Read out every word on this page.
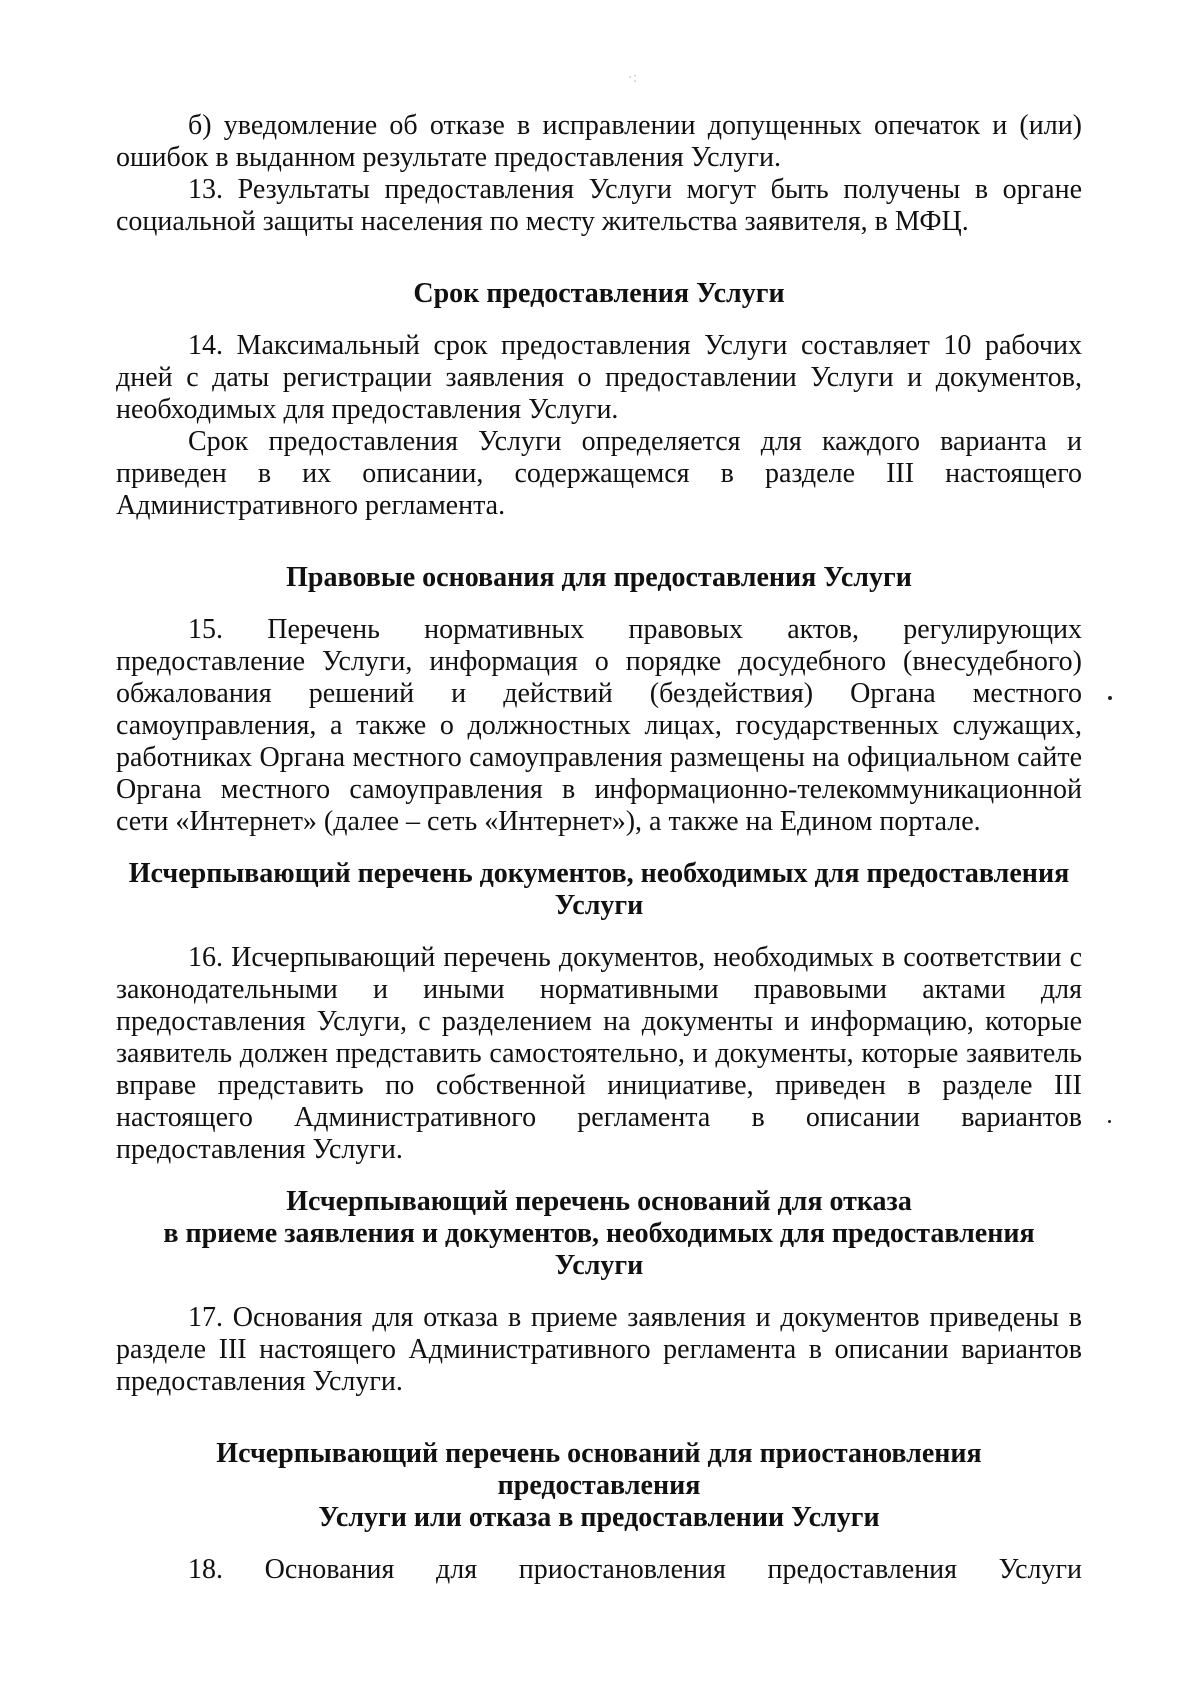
·:

б) уведомление об отказе в исправлении допущенных опечаток и (или) ошибок в выданном результате предоставления Услуги.

13. Результаты предоставления Услуги могут быть получены в органе социальной защиты населения по месту жительства заявителя, в МФЦ.

Срок предоставления Услуги

14. Максимальный срок предоставления Услуги составляет 10 рабочих дней с даты регистрации заявления о предоставлении Услуги и документов, необходимых для предоставления Услуги.

Срок предоставления Услуги определяется для каждого варианта и приведен в их описании, содержащемся в разделе III настоящего Административного регламента.

Правовые основания для предоставления Услуги

15. Перечень нормативных правовых актов, регулирующих предоставление Услуги, информация о порядке досудебного (внесудебного) обжалования решений и действий (бездействия) Органа местного самоуправления, а также о должностных лицах, государственных служащих, работниках Органа местного самоуправления размещены на официальном сайте Органа местного самоуправления в информационно-телекоммуникационной сети «Интернет» (далее – сеть «Интернет»), а также на Едином портале.

Исчерпывающий перечень документов, необходимых для предоставления
Услуги

16. Исчерпывающий перечень документов, необходимых в соответствии с законодательными и иными нормативными правовыми актами для предоставления Услуги, с разделением на документы и информацию, которые заявитель должен представить самостоятельно, и документы, которые заявитель вправе представить по собственной инициативе, приведен в разделе III настоящего Административного регламента в описании вариантов предоставления Услуги.

Исчерпывающий перечень оснований для отказа
в приеме заявления и документов, необходимых для предоставления Услуги

17. Основания для отказа в приеме заявления и документов приведены в разделе III настоящего Административного регламента в описании вариантов предоставления Услуги.

Исчерпывающий перечень оснований для приостановления предоставления
Услуги или отказа в предоставлении Услуги

18. Основания для приостановления предоставления Услуги
